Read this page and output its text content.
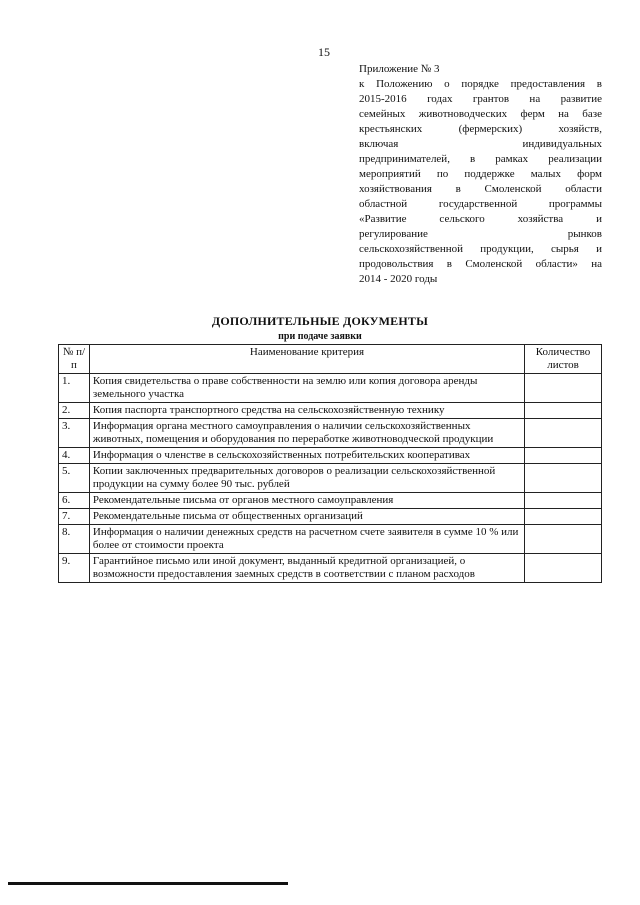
15
Приложение № 3
к Положению о порядке предоставления в
2015-2016 годах грантов на развитие
семейных животноводческих ферм на базе
крестьянских (фермерских) хозяйств,
включая индивидуальных
предпринимателей, в рамках реализации
мероприятий по поддержке малых форм
хозяйствования в Смоленской области
областной государственной программы
«Развитие сельского хозяйства и
регулирование рынков
сельскохозяйственной продукции, сырья и
продовольствия в Смоленской области» на
2014 - 2020 годы
ДОПОЛНИТЕЛЬНЫЕ ДОКУМЕНТЫ
при подаче заявки
№ п/п	Наименование критерия	Количество листов
1.	Копия свидетельства о праве собственности на землю или копия договора аренды земельного участка	
2.	Копия паспорта транспортного средства на сельскохозяйственную технику	
3.	Информация органа местного самоуправления о наличии сельскохозяйственных животных, помещения и оборудования по переработке животноводческой продукции	
4.	Информация о членстве в сельскохозяйственных потребительских кооперативах	
5.	Копии заключенных предварительных договоров о реализации сельскохозяйственной продукции на сумму более 90 тыс. рублей	
6.	Рекомендательные письма от органов местного самоуправления	
7.	Рекомендательные письма от общественных организаций	
8.	Информация о наличии денежных средств на расчетном счете заявителя в сумме 10 % или более от стоимости проекта	
9.	Гарантийное письмо или иной документ, выданный кредитной организацией, о возможности предоставления заемных средств в соответствии с планом расходов	
